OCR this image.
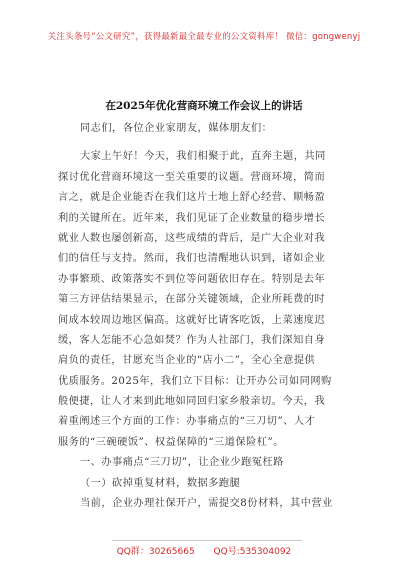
关注头条号“公文研究”，获得最新最全最专业的公文资料库！ 微信：gongwenyj
在2025年优化营商环境工作会议上的讲话
同志们，各位企业家朋友，媒体朋友们：
大家上午好！今天，我们相聚于此，直奔主题，共同
探讨优化营商环境这一至关重要的议题。营商环境，简而
言之，就是企业能否在我们这片土地上舒心经营、顺畅盈
利的关键所在。近年来，我们见证了企业数量的稳步增长
就业人数也屡创新高，这些成绩的背后，是广大企业对我
们的信任与支持。然而，我们也清醒地认识到，诸如企业
办事繁琐、政策落实不到位等问题依旧存在。特别是去年
第三方评估结果显示，在部分关键领域，企业所耗费的时
间成本较周边地区偏高。这就好比请客吃饭，上菜速度迟
缓，客人怎能不心急如焚？作为人社部门，我们深知自身
肩负的责任，甘愿充当企业的“店小二”，全心全意提供
优质服务。2025年，我们立下目标：让开办公司如同网购
般便捷，让人才来到此地如同回归家乡般亲切。今天，我
着重阐述三个方面的工作：办事痛点的“三刀切”、人才
服务的“三碗硬饭”、权益保障的“三道保险杠”。
一、办事痛点“三刀切”，让企业少跑冤枉路
（一）砍掉重复材料，数据多跑腿
当前，企业办理社保开户，需提交8份材料，其中营业
QQ群：30265665 QQ号:535304092
